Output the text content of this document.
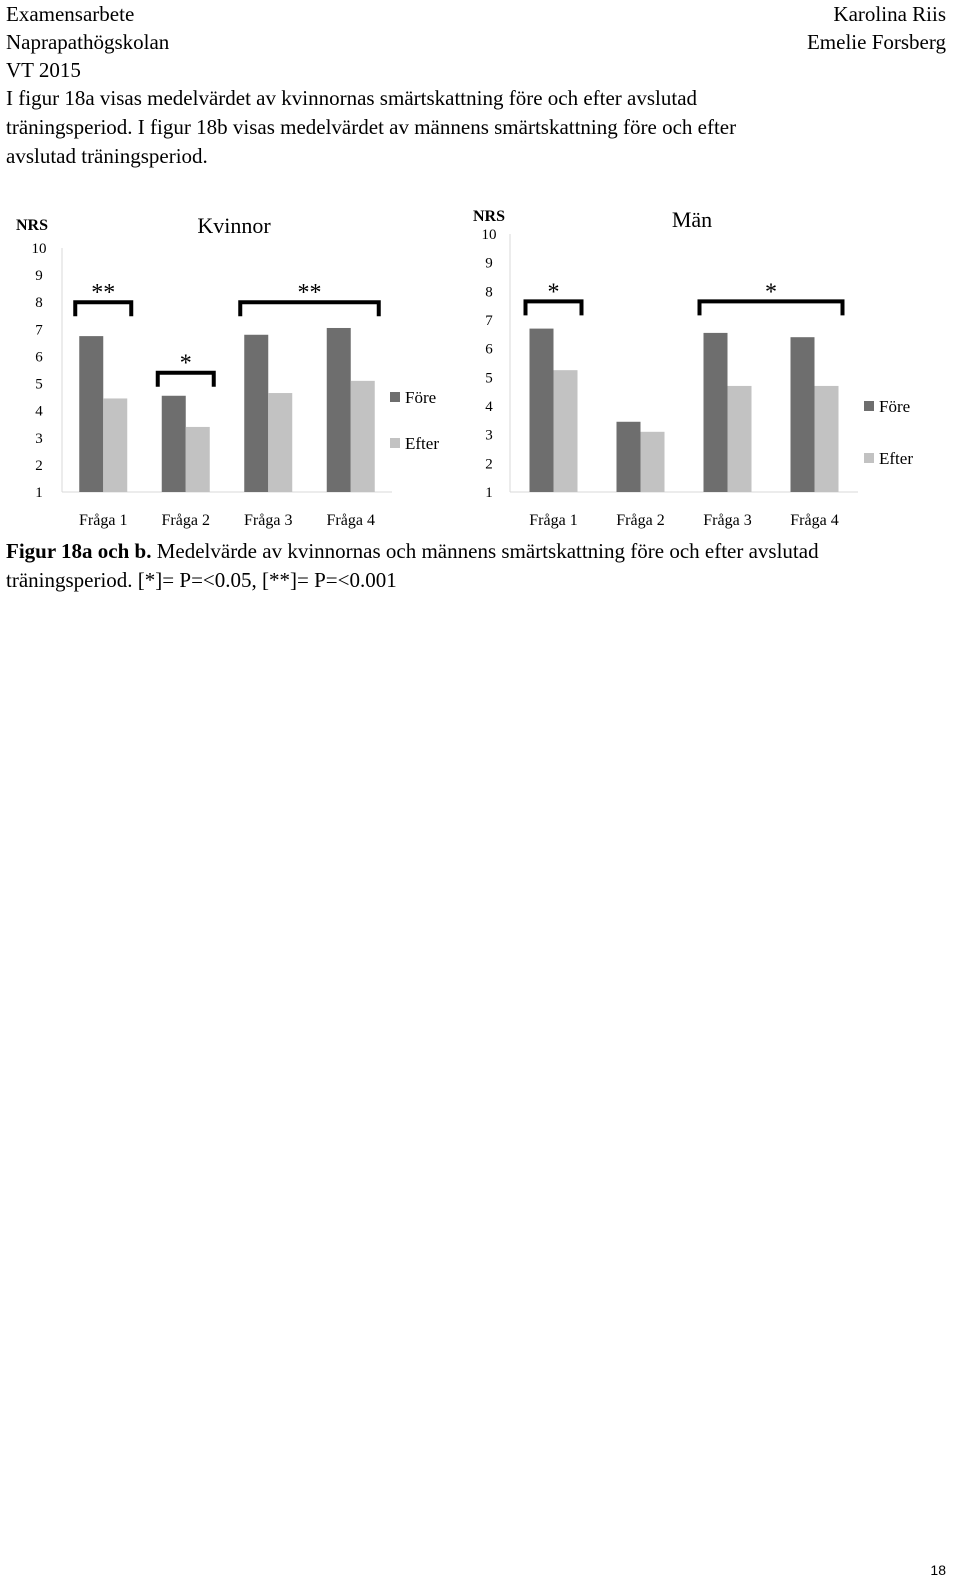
Examensarbete
Naprapathögskolan
VT 2015
Karolina Riis
Emelie Forsberg
I figur 18a visas medelvärdet av kvinnornas smärtskattning före och efter avslutad
träningsperiod. I figur 18b visas medelvärdet av männens smärtskattning före och efter
avslutad träningsperiod.
1
2
3
4
5
6
7
8
9
10
NRS	Kvinnor
Fråga 1 Fråga 2 Fråga 3 Fråga 4
**
*
**
Före
Efter
1
2
3
4
5
6
7
8
9
10
NRS	Män
Fråga 1 Fråga 2 Fråga 3 Fråga 4
*	*
Före
Efter
Figur 18a och b. Medelvärde av kvinnornas och männens smärtskattning före och efter avslutad träningsperiod. [*]= P=<0.05, [**]= P=<0.001
18
